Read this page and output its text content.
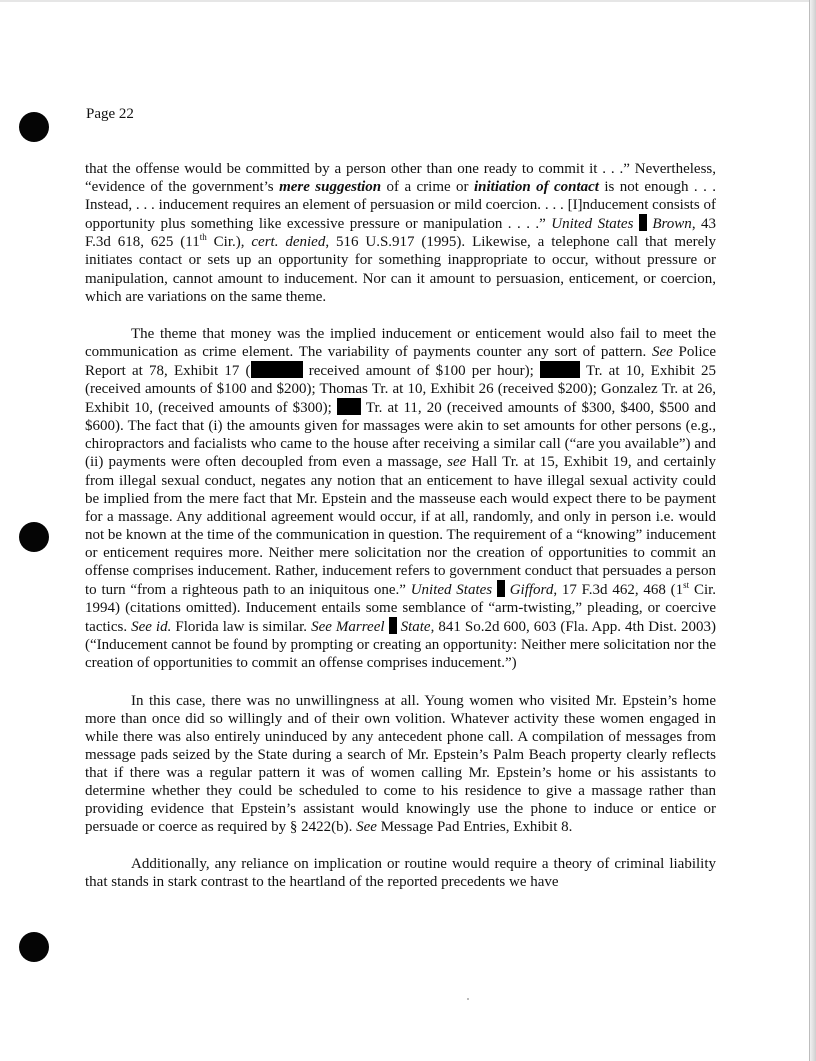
Page 22

that the offense would be committed by a person other than one ready to commit it . . .” Nevertheless, “evidence of the government’s mere suggestion of a crime or initiation of contact is not enough . . . Instead, . . . inducement requires an element of persuasion or mild coercion. . . . [I]nducement consists of opportunity plus something like excessive pressure or manipulation . . . .” United States Brown, 43 F.3d 618, 625 (11th Cir.), cert. denied, 516 U.S.917 (1995). Likewise, a telephone call that merely initiates contact or sets up an opportunity for something inappropriate to occur, without pressure or manipulation, cannot amount to inducement. Nor can it amount to persuasion, enticement, or coercion, which are variations on the same theme.

The theme that money was the implied inducement or enticement would also fail to meet the communication as crime element. The variability of payments counter any sort of pattern. See Police Report at 78, Exhibit 17 (	received amount of $100 per hour);	Tr. at 10, Exhibit 25 (received amounts of $100 and $200); Thomas Tr. at 10, Exhibit 26 (received $200); Gonzalez Tr. at 26, Exhibit 10, (received amounts of $300);  Tr. at 11, 20 (received amounts of $300, $400, $500 and $600). The fact that (i) the amounts given for massages were akin to set amounts for other persons (e.g., chiropractors and facialists who came to the house after receiving a similar call (“are you available”) and (ii) payments were often decoupled from even a massage, see Hall Tr. at 15, Exhibit 19, and certainly from illegal sexual conduct, negates any notion that an enticement to have illegal sexual activity could be implied from the mere fact that Mr. Epstein and the masseuse each would expect there to be payment for a massage. Any additional agreement would occur, if at all, randomly, and only in person i.e. would not be known at the time of the communication in question. The requirement of a “knowing” inducement or enticement requires more. Neither mere solicitation nor the creation of opportunities to commit an offense comprises inducement. Rather, inducement refers to government conduct that persuades a person to turn “from a righteous path to an iniquitous one.” United States Gifford, 17 F.3d 462, 468 (1st Cir. 1994) (citations omitted). Inducement entails some semblance of “arm-twisting,” pleading, or coercive tactics. See id. Florida law is similar. See Marreel State, 841 So.2d 600, 603 (Fla. App. 4th Dist. 2003) (“Inducement cannot be found by prompting or creating an opportunity: Neither mere solicitation nor the creation of opportunities to commit an offense comprises inducement.”)

In this case, there was no unwillingness at all. Young women who visited Mr. Epstein’s home more than once did so willingly and of their own volition. Whatever activity these women engaged in while there was also entirely uninduced by any antecedent phone call. A compilation of messages from message pads seized by the State during a search of Mr. Epstein’s Palm Beach property clearly reflects that if there was a regular pattern it was of women calling Mr. Epstein’s home or his assistants to determine whether they could be scheduled to come to his residence to give a massage rather than providing evidence that Epstein’s assistant would knowingly use the phone to induce or entice or persuade or coerce as required by § 2422(b). See Message Pad Entries, Exhibit 8.

Additionally, any reliance on implication or routine would require a theory of criminal liability that stands in stark contrast to the heartland of the reported precedents we have
